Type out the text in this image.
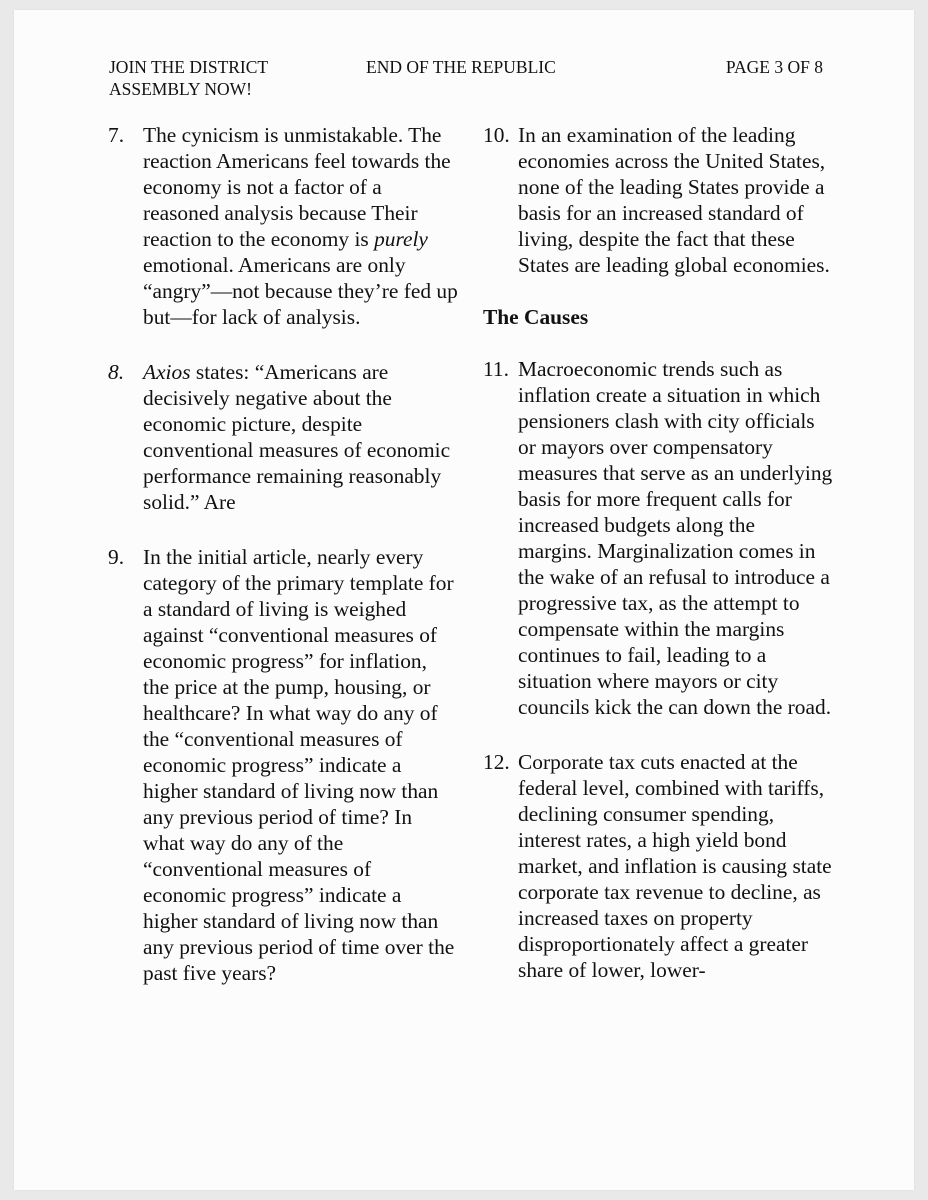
JOIN THE DISTRICT ASSEMBLY NOW!
END OF THE REPUBLIC	PAGE 3 OF 8

7. The cynicism is unmistakable. The reaction Americans feel towards the economy is not a factor of a reasoned analysis because Their reaction to the economy is purely emotional. Americans are only “angry”—not because they’re fed up but—for lack of analysis.

8. Axios states: “Americans are decisively negative about the economic picture, despite conventional measures of economic performance remaining reasonably solid.” Are

9. In the initial article, nearly every category of the primary template for a standard of living is weighed against “conventional measures of economic progress” for inflation, the price at the pump, housing, or healthcare? In what way do any of the “conventional measures of economic progress” indicate a higher standard of living now than any previous period of time? In what way do any of the “conventional measures of economic progress” indicate a higher standard of living now than any previous period of time over the past five years?

10. In an examination of the leading economies across the United States, none of the leading States provide a basis for an increased standard of living, despite the fact that these States are leading global economies.

The Causes

11. Macroeconomic trends such as inflation create a situation in which pensioners clash with city officials or mayors over compensatory measures that serve as an underlying basis for more frequent calls for increased budgets along the margins. Marginalization comes in the wake of an refusal to introduce a progressive tax, as the attempt to compensate within the margins continues to fail, leading to a situation where mayors or city councils kick the can down the road.

12. Corporate tax cuts enacted at the federal level, combined with tariffs, declining consumer spending, interest rates, a high yield bond market, and inflation is causing state corporate tax revenue to decline, as increased taxes on property disproportionately affect a greater share of lower, lower-
